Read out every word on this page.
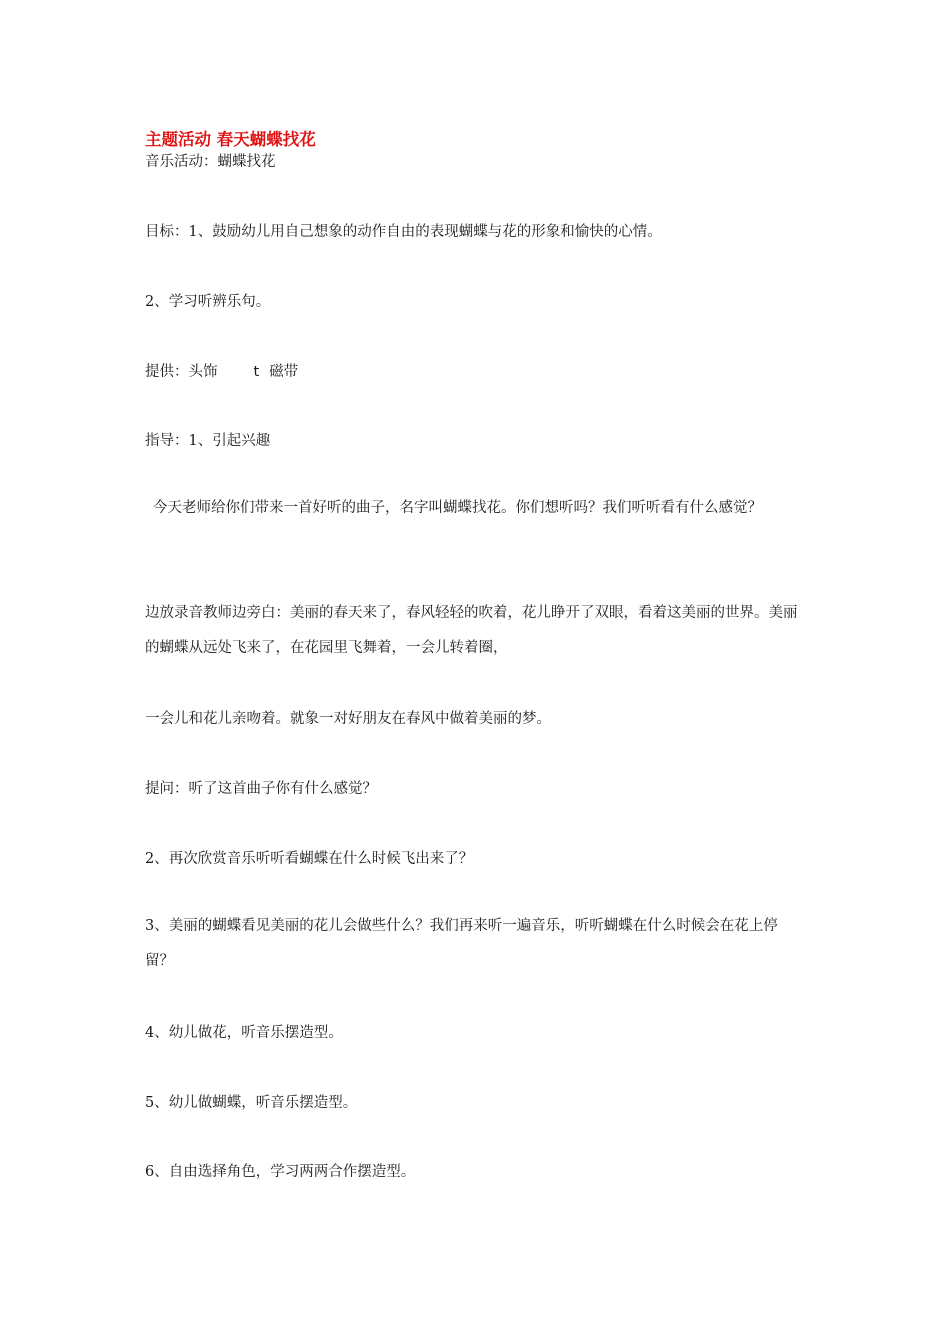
主题活动 春天蝴蝶找花
音乐活动：蝴蝶找花
目标：1、鼓励幼儿用自己想象的动作自由的表现蝴蝶与花的形象和愉快的心情。
2、学习听辨乐句。
提供：头饰 t 磁带
指导：1、引起兴趣
今天老师给你们带来一首好听的曲子，名字叫蝴蝶找花。你们想听吗？我们听听看有什么感觉？
边放录音教师边旁白：美丽的春天来了，春风轻轻的吹着，花儿睁开了双眼，看着这美丽的世界。美丽的蝴蝶从远处飞来了，在花园里飞舞着，一会儿转着圈，
一会儿和花儿亲吻着。就象一对好朋友在春风中做着美丽的梦。
提问：听了这首曲子你有什么感觉？
2、再次欣赏音乐听听看蝴蝶在什么时候飞出来了？
3、美丽的蝴蝶看见美丽的花儿会做些什么？我们再来听一遍音乐，听听蝴蝶在什么时候会在花上停留？
4、幼儿做花，听音乐摆造型。
5、幼儿做蝴蝶，听音乐摆造型。
6、自由选择角色，学习两两合作摆造型。
